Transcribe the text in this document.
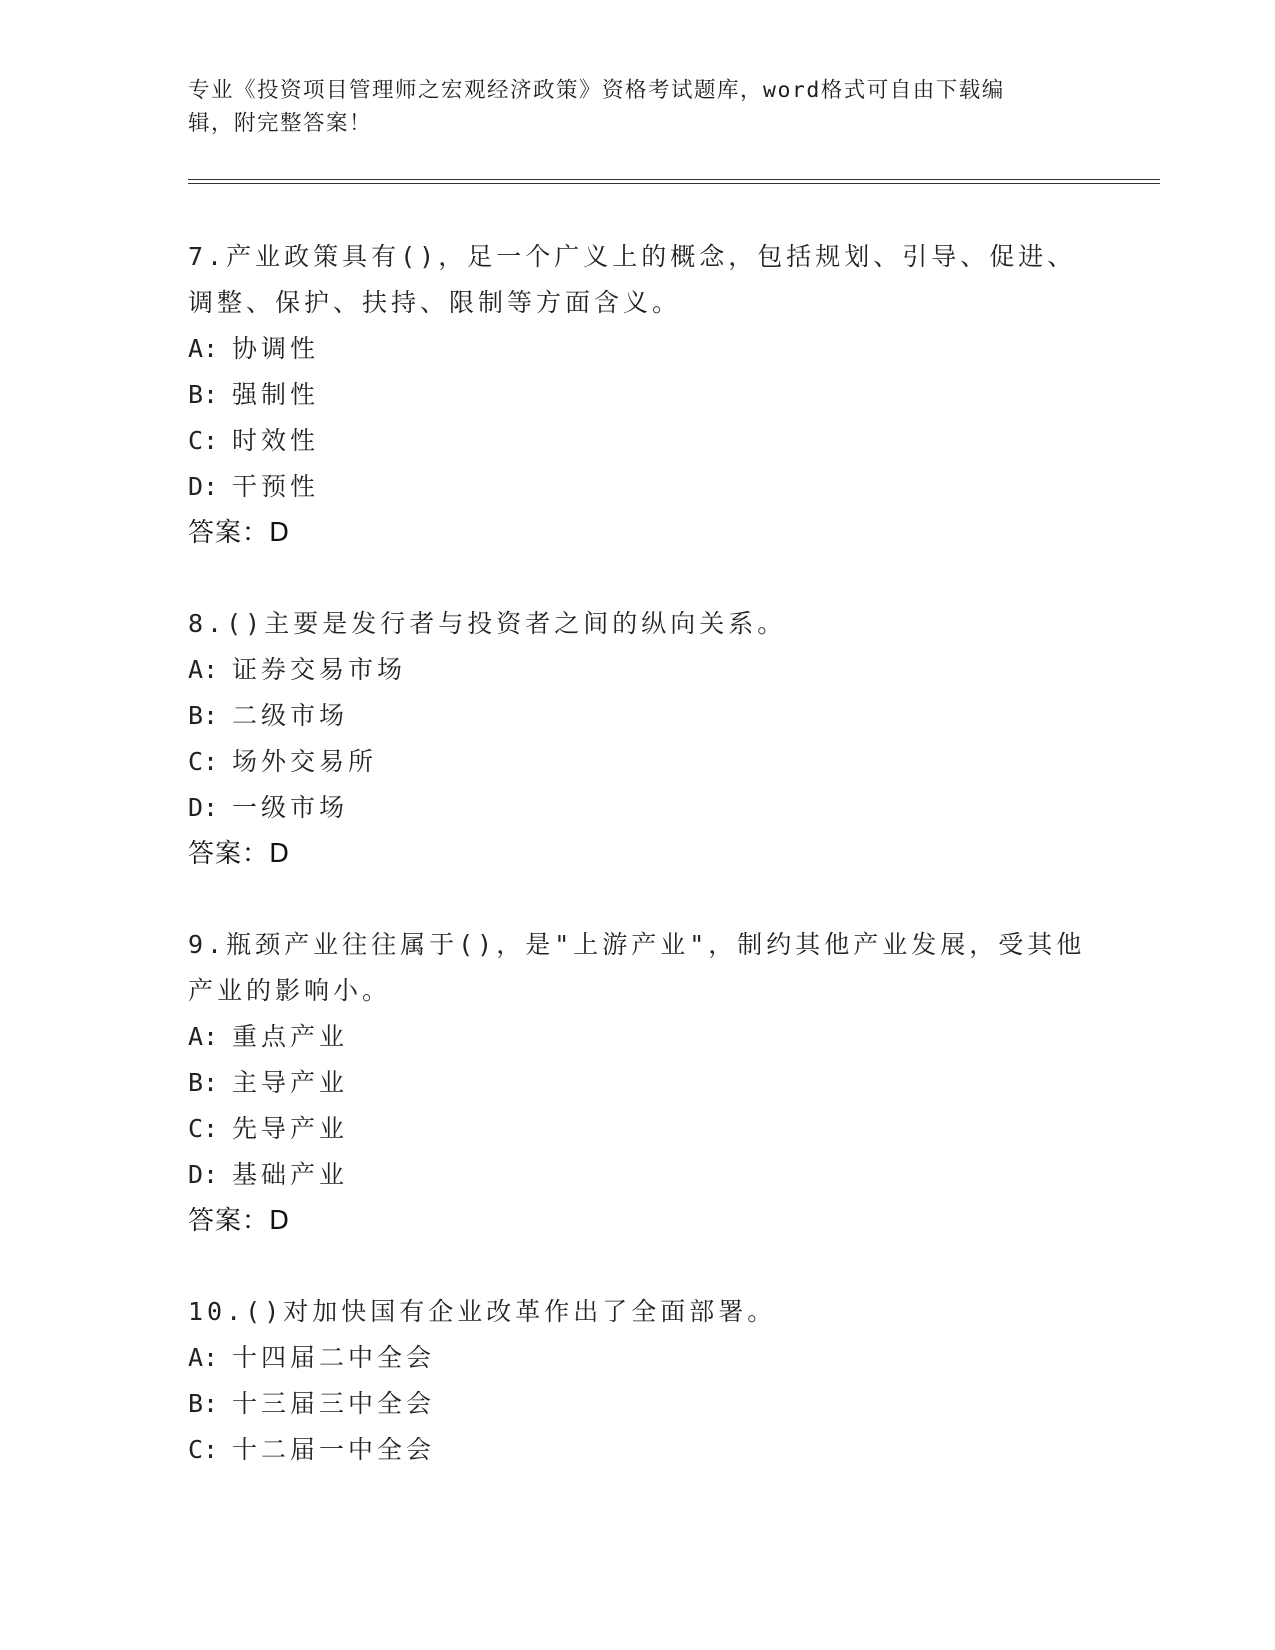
专业《投资项目管理师之宏观经济政策》资格考试题库，word格式可自由下载编
辑，附完整答案！
7.产业政策具有()，足一个广义上的概念，包括规划、引导、促进、
调整、保护、扶持、限制等方面含义。
A: 协调性
B: 强制性
C: 时效性
D: 干预性
答案：D
8.()主要是发行者与投资者之间的纵向关系。
A: 证券交易市场
B: 二级市场
C: 场外交易所
D: 一级市场
答案：D
9.瓶颈产业往往属于()，是"上游产业"，制约其他产业发展，受其他
产业的影响小。
A: 重点产业
B: 主导产业
C: 先导产业
D: 基础产业
答案：D
10.()对加快国有企业改革作出了全面部署。
A: 十四届二中全会
B: 十三届三中全会
C: 十二届一中全会
